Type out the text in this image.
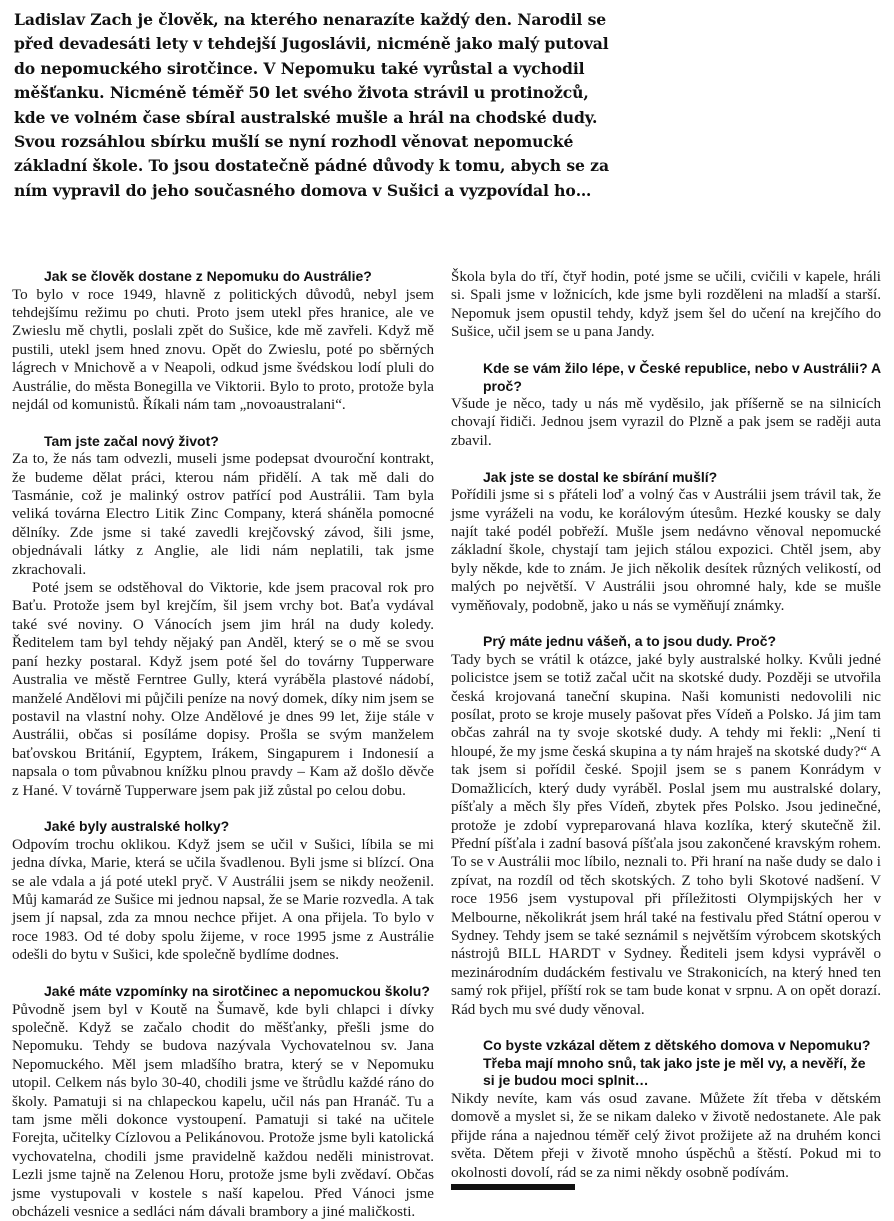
Ladislav Zach je člověk, na kterého nenarazíte každý den. Narodil se před devadesáti lety v tehdejší Jugoslávii, nicméně jako malý putoval do nepomuckého sirotčince. V Nepomuku také vyrůstal a vychodil měšťanku. Nicméně téměř 50 let svého života strávil u protinožců, kde ve volném čase sbíral australské mušle a hrál na chodské dudy. Svou rozsáhlou sbírku mušlí se nyní rozhodl věnovat nepomucké základní škole. To jsou dostatečně pádné důvody k tomu, abych se za ním vypravil do jeho současného domova v Sušici a vyzpovídal ho…

Jak se člověk dostane z Nepomuku do Austrálie?

To bylo v roce 1949, hlavně z politických důvodů, nebyl jsem tehdejšímu režimu po chuti. Proto jsem utekl přes hranice, ale ve Zwieslu mě chytli, poslali zpět do Sušice, kde mě zavřeli. Když mě pustili, utekl jsem hned znovu. Opět do Zwieslu, poté po sběrných lágrech v Mnichově a v Neapoli, odkud jsme švédskou lodí pluli do Austrálie, do města Bonegilla ve Viktorii. Bylo to proto, protože byla nejdál od komunistů. Říkali nám tam „novoaustralani“.

Tam jste začal nový život?

Za to, že nás tam odvezli, museli jsme podepsat dvouroční kontrakt, že budeme dělat práci, kterou nám přidělí. A tak mě dali do Tasmánie, což je malinký ostrov patřící pod Austrálii. Tam byla veliká továrna Electro Litik Zinc Company, která sháněla pomocné dělníky. Zde jsme si také zavedli krejčovský závod, šili jsme, objednávali látky z Anglie, ale lidi nám neplatili, tak jsme zkrachovali.

Poté jsem se odstěhoval do Viktorie, kde jsem pracoval rok pro Baťu. Protože jsem byl krejčím, šil jsem vrchy bot. Baťa vydával také své noviny. O Vánocích jsem jim hrál na dudy koledy. Ředitelem tam byl tehdy nějaký pan Anděl, který se o mě se svou paní hezky postaral. Když jsem poté šel do továrny Tupperware Australia ve městě Ferntree Gully, která vyráběla plastové nádobí, manželé Andělovi mi půjčili peníze na nový domek, díky nim jsem se postavil na vlastní nohy. Olze Andělové je dnes 99 let, žije stále v Austrálii, občas si posíláme dopisy. Prošla se svým manželem baťovskou Británií, Egyptem, Irákem, Singapurem i Indonesií a napsala o tom půvabnou knížku plnou pravdy – Kam až došlo děvče z Hané. V továrně Tupperware jsem pak již zůstal po celou dobu.

Jaké byly australské holky?

Odpovím trochu oklikou. Když jsem se učil v Sušici, líbila se mi jedna dívka, Marie, která se učila švadlenou. Byli jsme si blízcí. Ona se ale vdala a já poté utekl pryč. V Austrálii jsem se nikdy neoženil. Můj kamarád ze Sušice mi jednou napsal, že se Marie rozvedla. A tak jsem jí napsal, zda za mnou nechce přijet. A ona přijela. To bylo v roce 1983. Od té doby spolu žijeme, v roce 1995 jsme z Austrálie odešli do bytu v Sušici, kde společně bydlíme dodnes.

Jaké máte vzpomínky na sirotčinec a nepomuckou školu?

Původně jsem byl v Koutě na Šumavě, kde byli chlapci i dívky společně. Když se začalo chodit do měšťanky, přešli jsme do Nepomuku. Tehdy se budova nazývala Vychovatelnou sv. Jana Nepomuckého. Měl jsem mladšího bratra, který se v Nepomuku utopil. Celkem nás bylo 30-40, chodili jsme ve štrůdlu každé ráno do školy. Pamatuji si na chlapeckou kapelu, učil nás pan Hranáč. Tu a tam jsme měli dokonce vystoupení. Pamatuji si také na učitele Forejta, učitelky Cízlovou a Pelikánovou. Protože jsme byli katolická vychovatelna, chodili jsme pravidelně každou neděli ministrovat. Lezli jsme tajně na Zelenou Horu, protože jsme byli zvědaví. Občas jsme vystupovali v kostele s naší kapelou. Před Vánoci jsme obcházeli vesnice a sedláci nám dávali brambory a jiné maličkosti.

Škola byla do tří, čtyř hodin, poté jsme se učili, cvičili v kapele, hráli si. Spali jsme v ložnicích, kde jsme byli rozděleni na mladší a starší. Nepomuk jsem opustil tehdy, když jsem šel do učení na krejčího do Sušice, učil jsem se u pana Jandy.

Kde se vám žilo lépe, v České republice, nebo v Austrálii? A proč?

Všude je něco, tady u nás mě vyděsilo, jak příšerně se na silnicích chovají řidiči. Jednou jsem vyrazil do Plzně a pak jsem se raději auta zbavil.

Jak jste se dostal ke sbírání mušlí?

Pořídili jsme si s přáteli loď a volný čas v Austrálii jsem trávil tak, že jsme vyráželi na vodu, ke korálovým útesům. Hezké kousky se daly najít také podél pobřeží. Mušle jsem nedávno věnoval nepomucké základní škole, chystají tam jejich stálou expozici. Chtěl jsem, aby byly někde, kde to znám. Je jich několik desítek různých velikostí, od malých po největší. V Austrálii jsou ohromné haly, kde se mušle vyměňovaly, podobně, jako u nás se vyměňují známky.

Prý máte jednu vášeň, a to jsou dudy. Proč?

Tady bych se vrátil k otázce, jaké byly australské holky. Kvůli jedné policistce jsem se totiž začal učit na skotské dudy. Později se utvořila česká krojovaná taneční skupina. Naši komunisti nedovolili nic posílat, proto se kroje musely pašovat přes Vídeň a Polsko. Já jim tam občas zahrál na ty svoje skotské dudy. A tehdy mi řekli: „Není ti hloupé, že my jsme česká skupina a ty nám hraješ na skotské dudy?“ A tak jsem si pořídil české. Spojil jsem se s panem Konrádym v Domažlicích, který dudy vyráběl. Poslal jsem mu australské dolary, píšťaly a měch šly přes Vídeň, zbytek přes Polsko. Jsou jedinečné, protože je zdobí vypreparovaná hlava kozlíka, který skutečně žil. Přední píšťala i zadní basová píšťala jsou zakončené kravským rohem. To se v Austrálii moc líbilo, neznali to. Při hraní na naše dudy se dalo i zpívat, na rozdíl od těch skotských. Z toho byli Skotové nadšení. V roce 1956 jsem vystupoval při příležitosti Olympijských her v Melbourne, několikrát jsem hrál také na festivalu před Státní operou v Sydney. Tehdy jsem se také seznámil s největším výrobcem skotských nástrojů BILL HARDT v Sydney. Řediteli jsem kdysi vyprávěl o mezinárodním dudáckém festivalu ve Strakonicích, na který hned ten samý rok přijel, příští rok se tam bude konat v srpnu. A on opět dorazí. Rád bych mu své dudy věnoval.

Co byste vzkázal dětem z dětského domova v Nepomuku? Třeba mají mnoho snů, tak jako jste je měl vy, a nevěří, že si je budou moci splnit…

Nikdy nevíte, kam vás osud zavane. Můžete žít třeba v dětském domově a myslet si, že se nikam daleko v životě nedostanete. Ale pak přijde rána a najednou téměř celý život prožijete až na druhém konci světa. Dětem přeji v životě mnoho úspěchů a štěstí. Pokud mi to okolnosti dovolí, rád se za nimi někdy osobně podívám.
